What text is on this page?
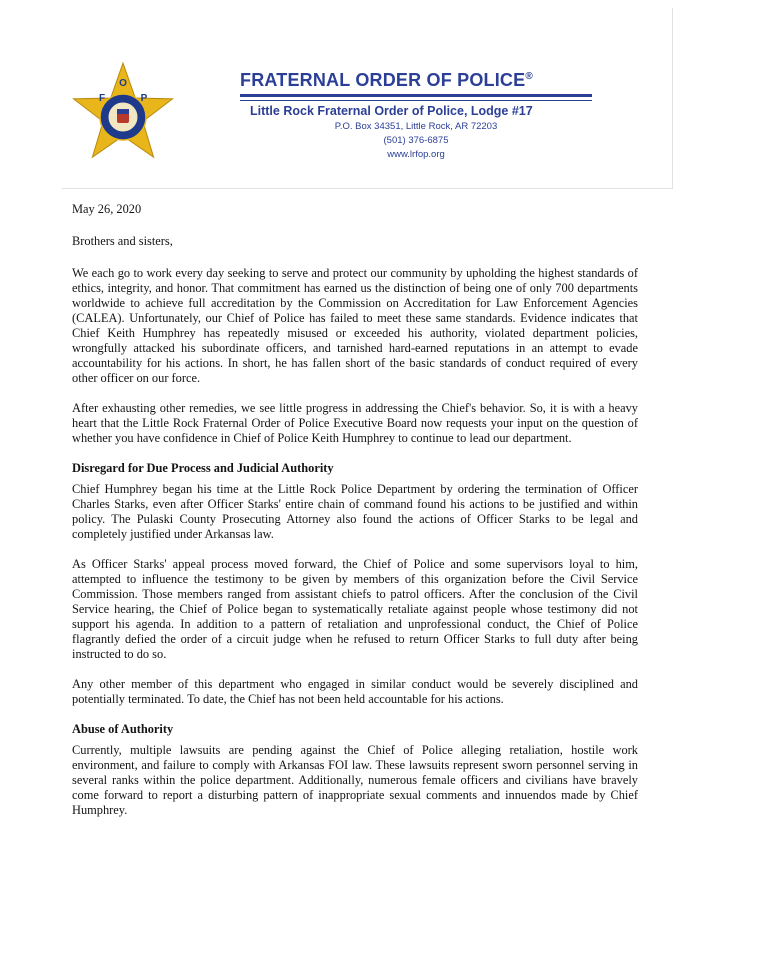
F
O
P
FRATERNAL ORDER OF POLICE®
Little Rock Fraternal Order of Police, Lodge #17
P.O. Box 34351, Little Rock, AR 72203
(501) 376-6875
www.lrfop.org

May 26, 2020

Brothers and sisters,

We each go to work every day seeking to serve and protect our community by upholding the highest standards of ethics, integrity, and honor. That commitment has earned us the distinction of being one of only 700 departments worldwide to achieve full accreditation by the Commission on Accreditation for Law Enforcement Agencies (CALEA). Unfortunately, our Chief of Police has failed to meet these same standards. Evidence indicates that Chief Keith Humphrey has repeatedly misused or exceeded his authority, violated department policies, wrongfully attacked his subordinate officers, and tarnished hard-earned reputations in an attempt to evade accountability for his actions. In short, he has fallen short of the basic standards of conduct required of every other officer on our force.

After exhausting other remedies, we see little progress in addressing the Chief's behavior. So, it is with a heavy heart that the Little Rock Fraternal Order of Police Executive Board now requests your input on the question of whether you have confidence in Chief of Police Keith Humphrey to continue to lead our department.

Disregard for Due Process and Judicial Authority

Chief Humphrey began his time at the Little Rock Police Department by ordering the termination of Officer Charles Starks, even after Officer Starks' entire chain of command found his actions to be justified and within policy. The Pulaski County Prosecuting Attorney also found the actions of Officer Starks to be legal and completely justified under Arkansas law.

As Officer Starks' appeal process moved forward, the Chief of Police and some supervisors loyal to him, attempted to influence the testimony to be given by members of this organization before the Civil Service Commission. Those members ranged from assistant chiefs to patrol officers. After the conclusion of the Civil Service hearing, the Chief of Police began to systematically retaliate against people whose testimony did not support his agenda. In addition to a pattern of retaliation and unprofessional conduct, the Chief of Police flagrantly defied the order of a circuit judge when he refused to return Officer Starks to full duty after being instructed to do so.

Any other member of this department who engaged in similar conduct would be severely disciplined and potentially terminated. To date, the Chief has not been held accountable for his actions.

Abuse of Authority

Currently, multiple lawsuits are pending against the Chief of Police alleging retaliation, hostile work environment, and failure to comply with Arkansas FOI law. These lawsuits represent sworn personnel serving in several ranks within the police department. Additionally, numerous female officers and civilians have bravely come forward to report a disturbing pattern of inappropriate sexual comments and innuendos made by Chief Humphrey.
